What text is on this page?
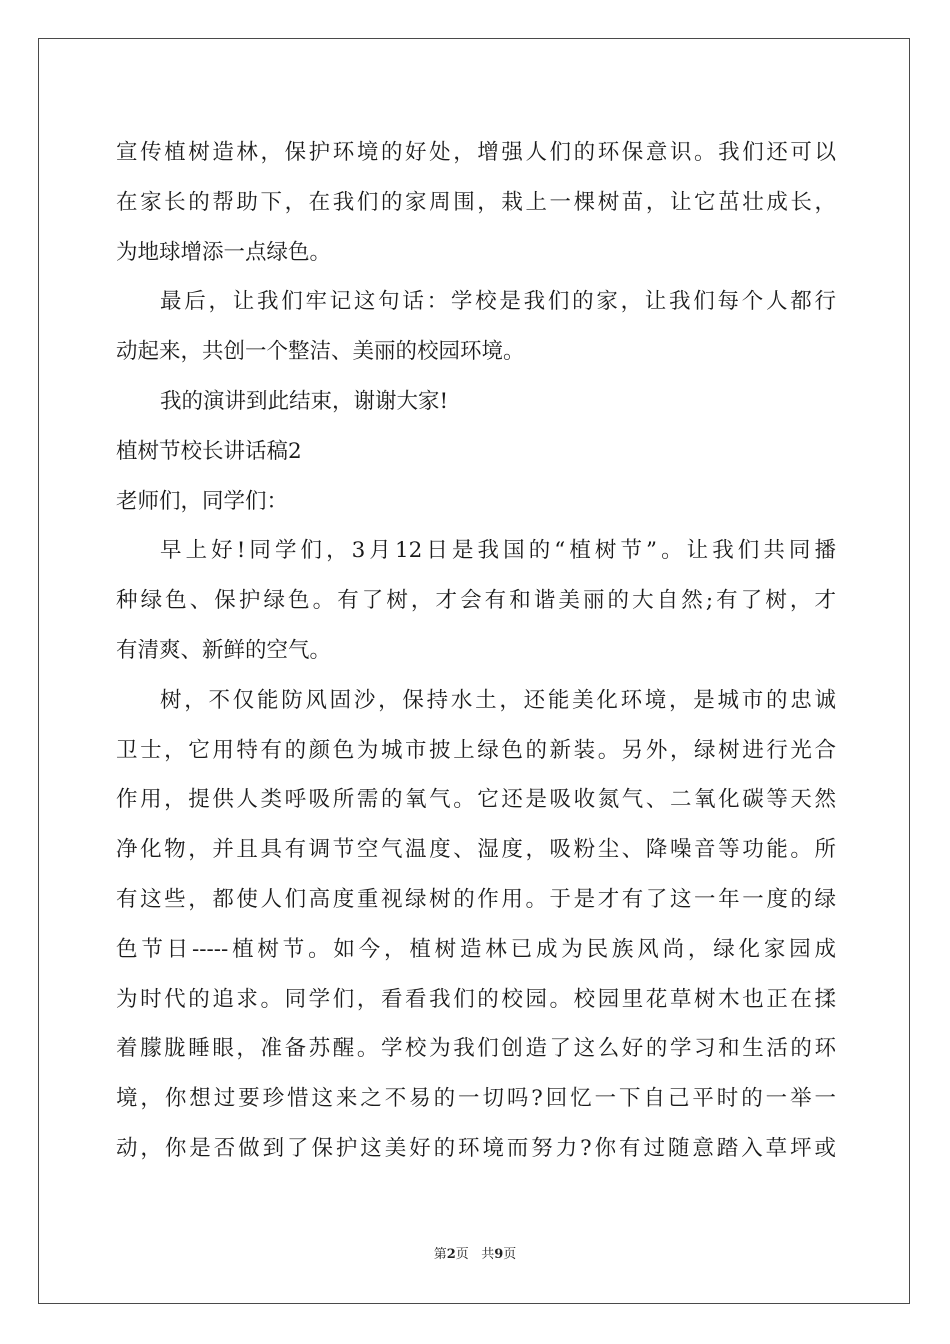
宣传植树造林，保护环境的好处，增强人们的环保意识。我们还可以
在家长的帮助下，在我们的家周围，栽上一棵树苗，让它茁壮成长，
为地球增添一点绿色。
最后，让我们牢记这句话：学校是我们的家，让我们每个人都行
动起来，共创一个整洁、美丽的校园环境。
我的演讲到此结束，谢谢大家!
植树节校长讲话稿2
老师们，同学们：
早上好!同学们，3月12日是我国的“植树节”。让我们共同播
种绿色、保护绿色。有了树，才会有和谐美丽的大自然;有了树，才
有清爽、新鲜的空气。
树，不仅能防风固沙，保持水土，还能美化环境，是城市的忠诚
卫士，它用特有的颜色为城市披上绿色的新装。另外，绿树进行光合
作用，提供人类呼吸所需的氧气。它还是吸收氮气、二氧化碳等天然
净化物，并且具有调节空气温度、湿度，吸粉尘、降噪音等功能。所
有这些，都使人们高度重视绿树的作用。于是才有了这一年一度的绿
色节日-----植树节。如今，植树造林已成为民族风尚，绿化家园成
为时代的追求。同学们，看看我们的校园。校园里花草树木也正在揉
着朦胧睡眼，准备苏醒。学校为我们创造了这么好的学习和生活的环
境，你想过要珍惜这来之不易的一切吗?回忆一下自己平时的一举一
动，你是否做到了保护这美好的环境而努力?你有过随意踏入草坪或
第2页   共9页
